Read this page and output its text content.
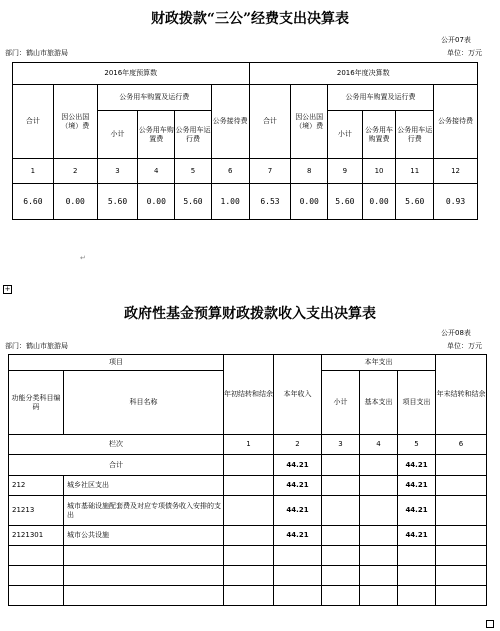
财政拨款“三公”经费支出决算表
公开07表
部门：鹤山市旅游局	单位：万元
2016年度预算数						2016年度决算数					
合计	因公出国（境）费	公务用车购置及运行费			公务接待费	合计	因公出国（境）费	公务用车购置及运行费			公务接待费
		小计	公务用车购置费	公务用车运行费				小计	公务用车购置费	公务用车运行费	
1	2	3	4	5	6	7	8	9	10	11	12
6.60	0.00	5.60	0.00	5.60	1.00	6.53	0.00	5.60	0.00	5.60	0.93
↵
+
政府性基金预算财政拨款收入支出决算表
公开08表
部门：鹤山市旅游局	单位：万元
项目		年初结转和结余	本年收入	本年支出			年末结转和结余
功能分类科目编码	科目名称			小计	基本支出	项目支出	

栏次		1	2	3	4	5	6
合计			44.21			44.21	
212	城乡社区支出		44.21			44.21	
21213	城市基础设施配套费及对应专项债务收入安排的支出		44.21			44.21	
2121301	城市公共设施		44.21			44.21	
